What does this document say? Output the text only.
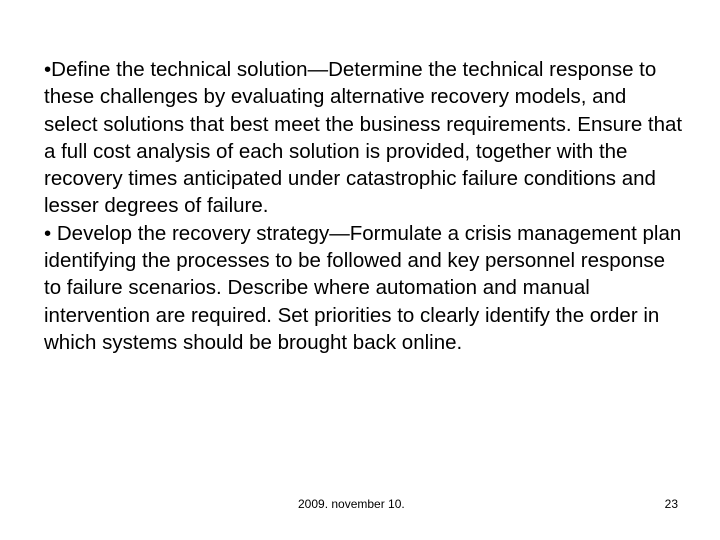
•Define the technical solution—Determine the technical response to these challenges by evaluating alternative recovery models, and select solutions that best meet the business requirements. Ensure that a full cost analysis of each solution is provided, together with the recovery times anticipated under catastrophic failure conditions and lesser degrees of failure.

• Develop the recovery strategy—Formulate a crisis management plan identifying the processes to be followed and key personnel response to failure scenarios. Describe where automation and manual intervention are required. Set priorities to clearly identify the order in which systems should be brought back online.

2009. november 10.	23
